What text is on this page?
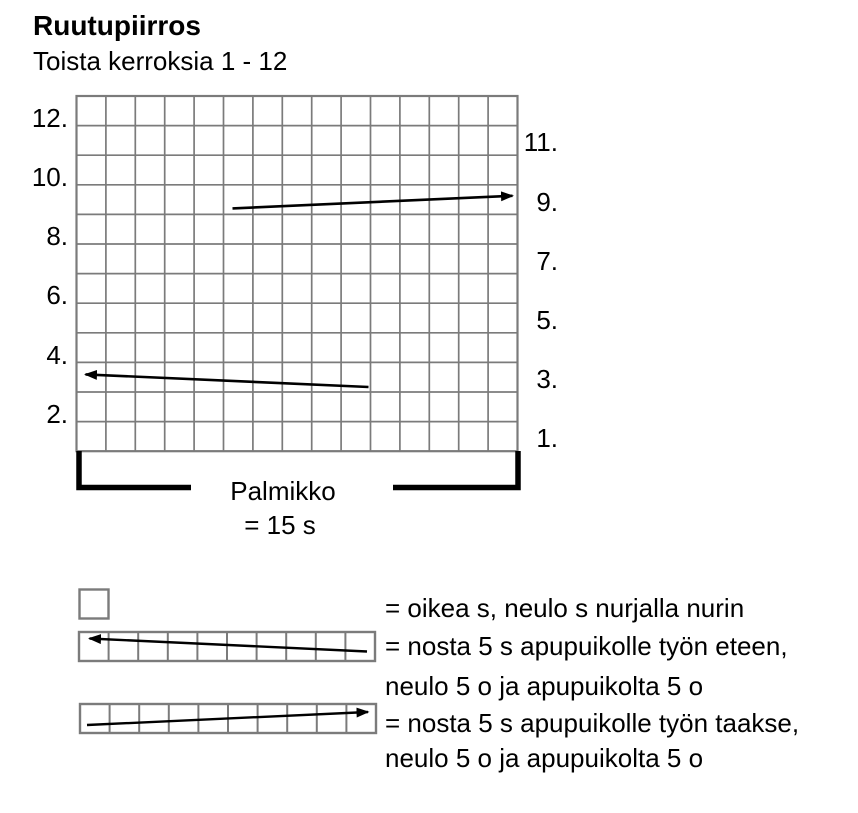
Ruutupiirros
Toista kerroksia 1 - 12
12.
10.
8.
6.
4.
2.
11.
9.
7.
5.
3.
1.
Palmikko
= 15 s
= oikea s, neulo s nurjalla nurin
= nosta 5 s apupuikolle työn eteen,
neulo 5 o ja apupuikolta 5 o
= nosta 5 s apupuikolle työn taakse,
neulo 5 o ja apupuikolta 5 o
